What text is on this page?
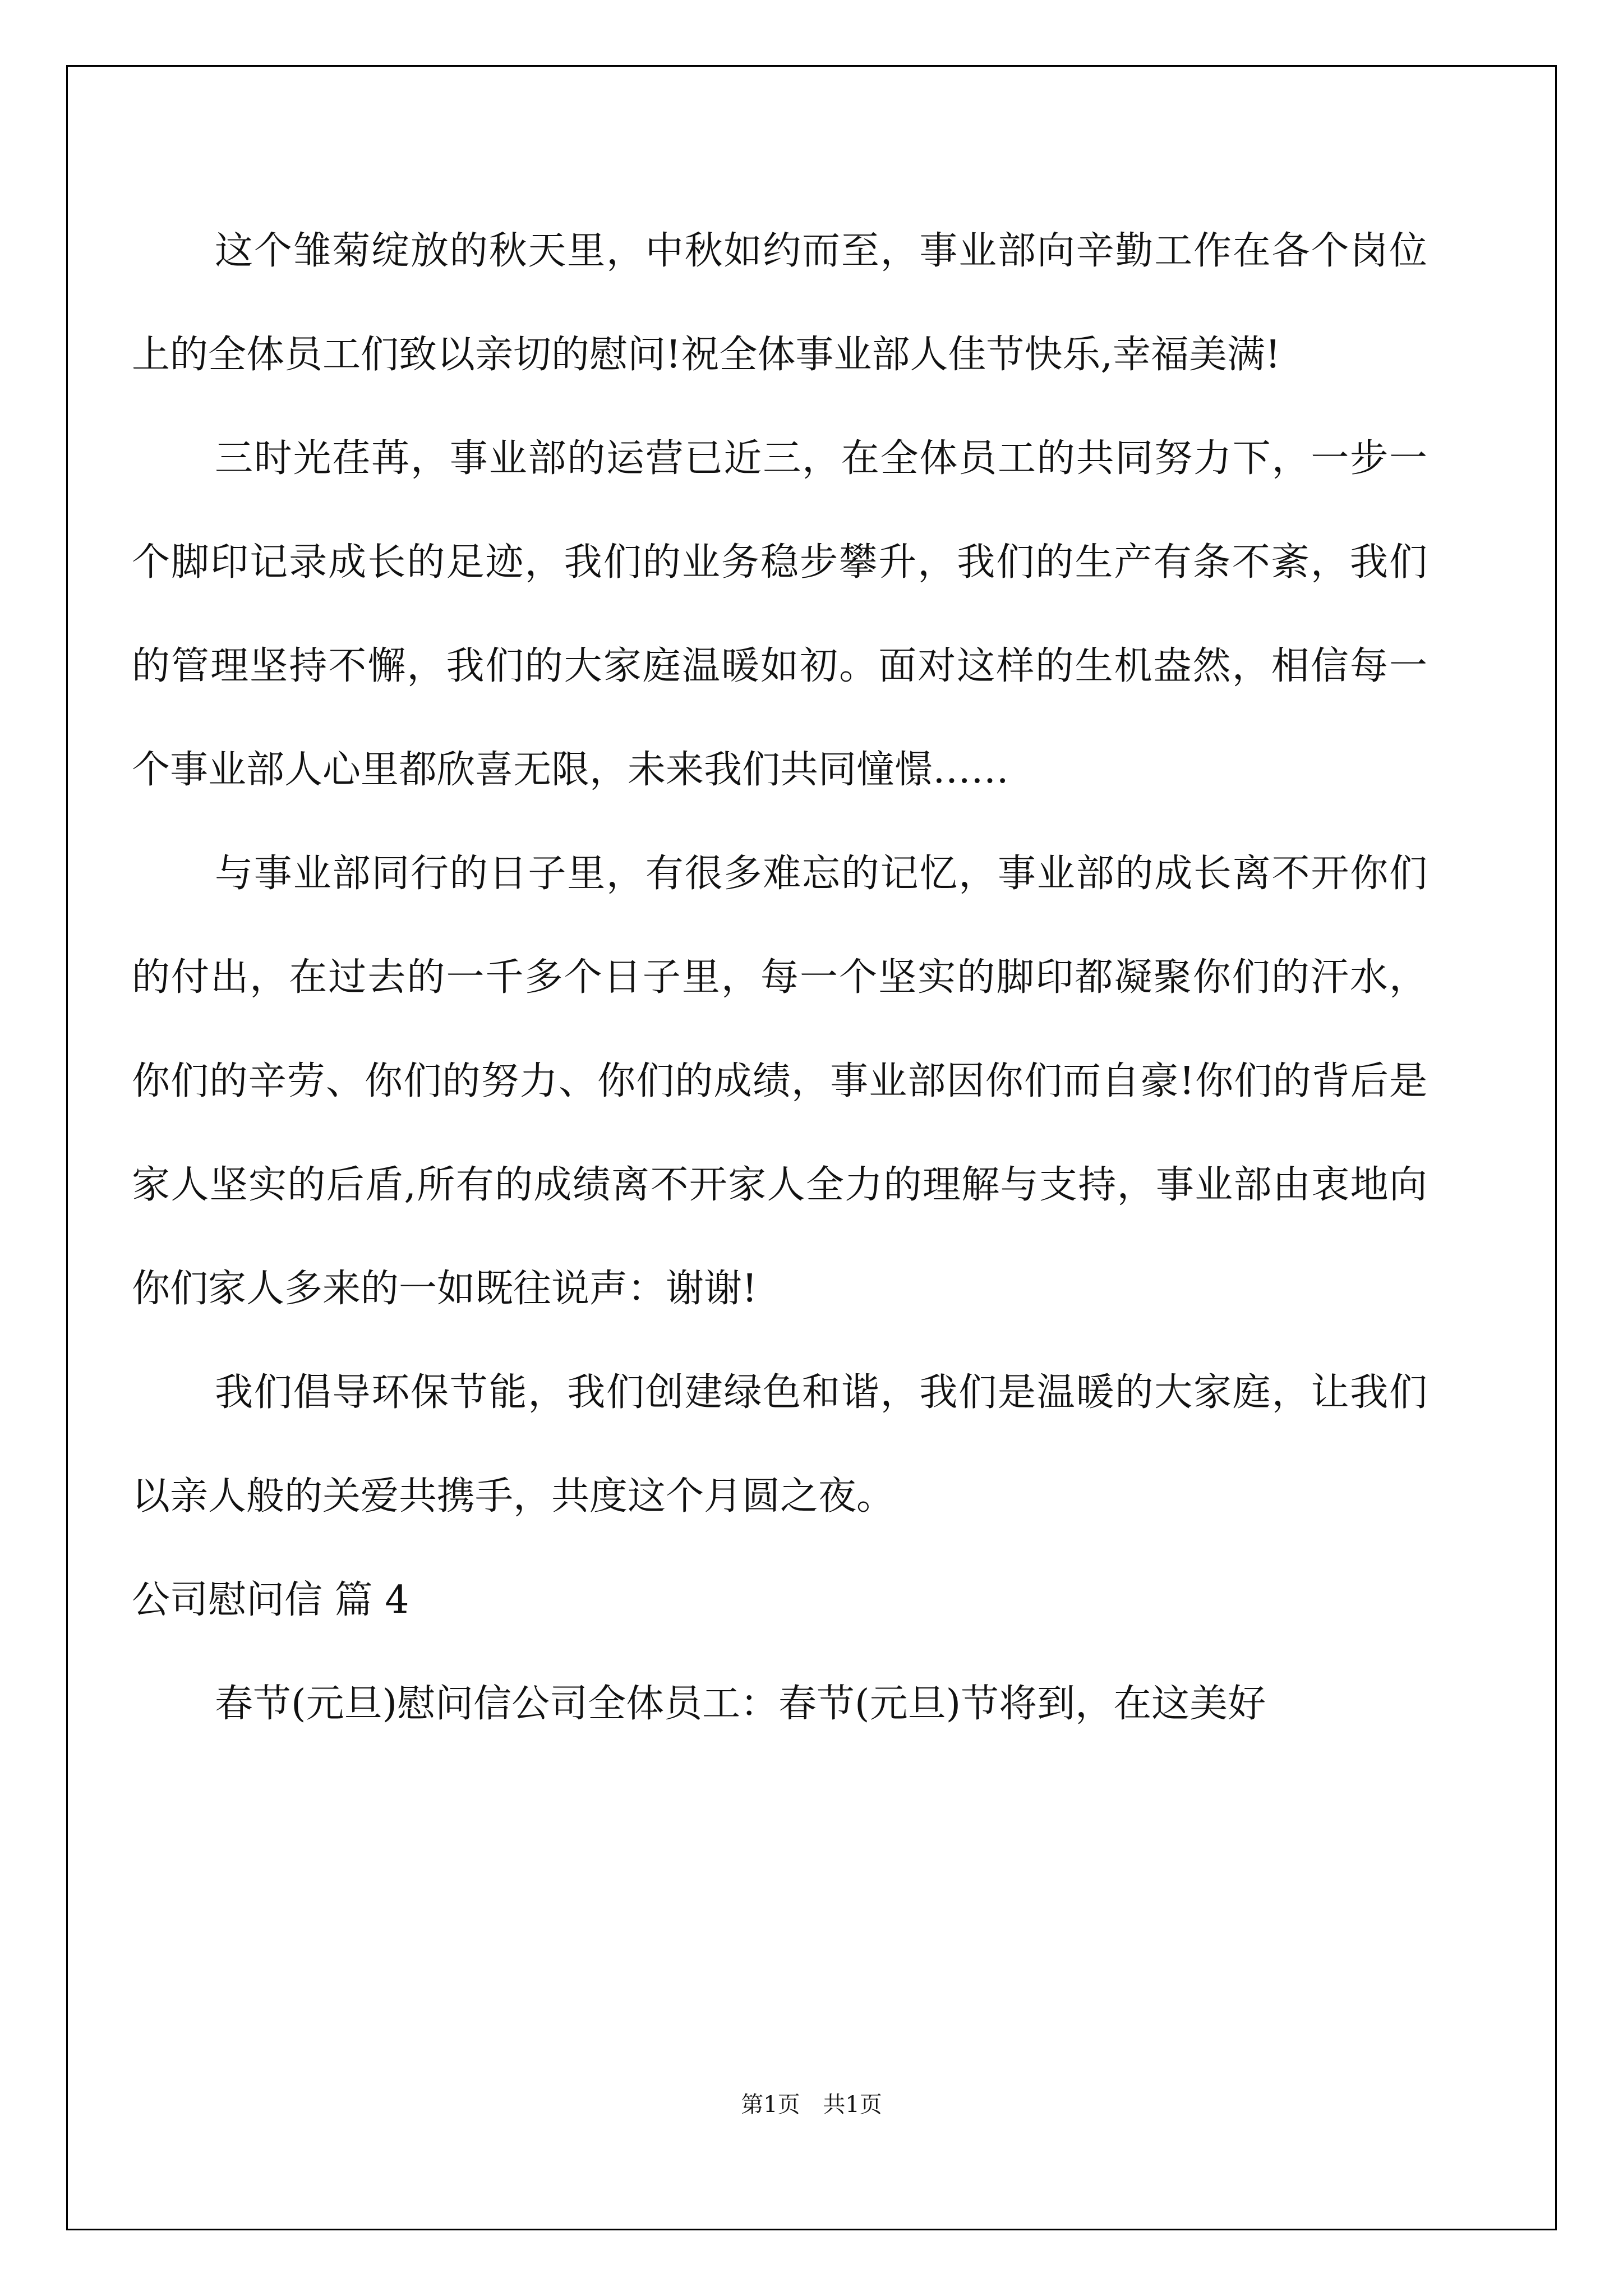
这个雏菊绽放的秋天里，中秋如约而至，事业部向辛勤工作在各个岗位上的全体员工们致以亲切的慰问!祝全体事业部人佳节快乐,幸福美满!

三时光荏苒，事业部的运营已近三，在全体员工的共同努力下，一步一个脚印记录成长的足迹，我们的业务稳步攀升，我们的生产有条不紊，我们的管理坚持不懈，我们的大家庭温暖如初。面对这样的生机盎然，相信每一个事业部人心里都欣喜无限，未来我们共同憧憬……

与事业部同行的日子里，有很多难忘的记忆，事业部的成长离不开你们的付出，在过去的一千多个日子里，每一个坚实的脚印都凝聚你们的汗水，你们的辛劳、你们的努力、你们的成绩，事业部因你们而自豪!你们的背后是家人坚实的后盾,所有的成绩离不开家人全力的理解与支持，事业部由衷地向你们家人多来的一如既往说声：谢谢!

我们倡导环保节能，我们创建绿色和谐，我们是温暖的大家庭，让我们以亲人般的关爱共携手，共度这个月圆之夜。

公司慰问信 篇 4

春节(元旦)慰问信公司全体员工：春节(元旦)节将到，在这美好

第1页 共1页
